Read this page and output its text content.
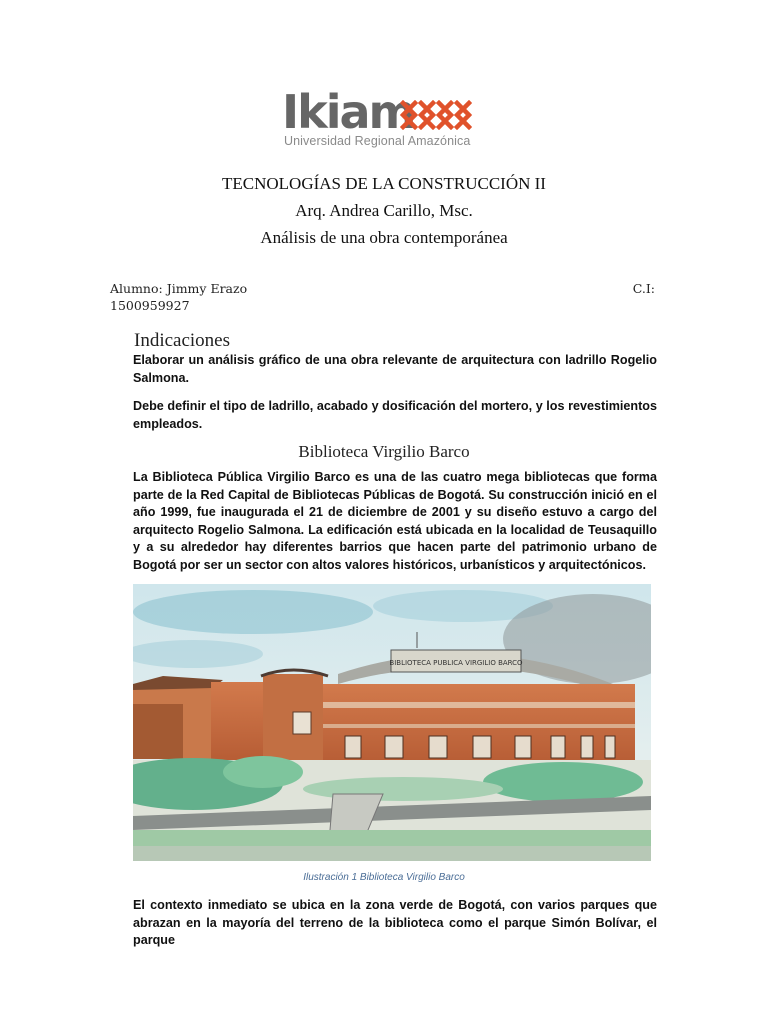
Ikiam
Universidad Regional Amazónica
TECNOLOGÍAS DE LA CONSTRUCCIÓN II
Arq. Andrea Carillo, Msc.
Análisis de una obra contemporánea
Alumno: Jimmy Erazo	C.I:
1500959927
Indicaciones
Elaborar un análisis gráfico de una obra relevante de arquitectura con ladrillo Rogelio Salmona.
Debe definir el tipo de ladrillo, acabado y dosificación del mortero, y los revestimientos empleados.
Biblioteca Virgilio Barco
La Biblioteca Pública Virgilio Barco es una de las cuatro mega bibliotecas que forma parte de la Red Capital de Bibliotecas Públicas de Bogotá. Su construcción inició en el año 1999, fue inaugurada el 21 de diciembre de 2001 y su diseño estuvo a cargo del arquitecto Rogelio Salmona. La edificación está ubicada en la localidad de Teusaquillo y a su alrededor hay diferentes barrios que hacen parte del patrimonio urbano de Bogotá por ser un sector con altos valores históricos, urbanísticos y arquitectónicos.
BIBLIOTECA PUBLICA VIRGILIO BARCO
Ilustración 1 Biblioteca Virgilio Barco
El contexto inmediato se ubica en la zona verde de Bogotá, con varios parques que abrazan en la mayoría del terreno de la biblioteca como el parque Simón Bolívar, el parque
